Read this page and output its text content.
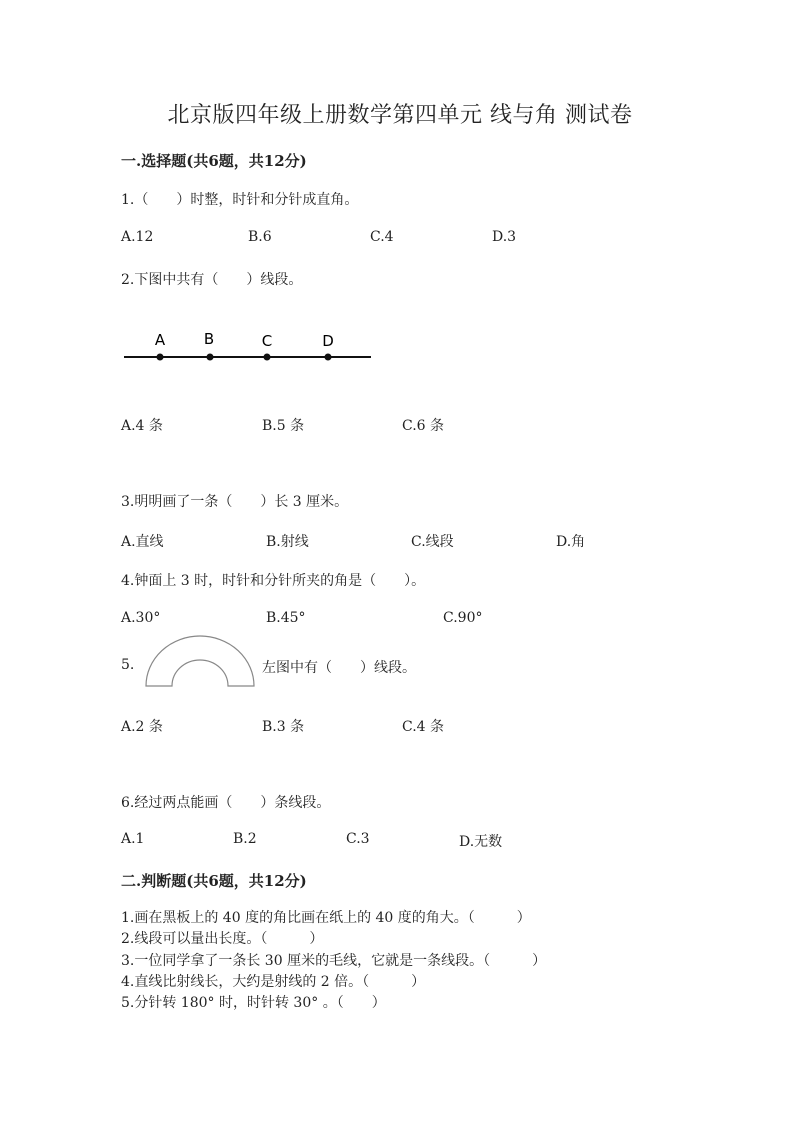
北京版四年级上册数学第四单元 线与角 测试卷
一.选择题(共6题，共12分)
1.（　　）时整，时针和分针成直角。
A.12	B.6	C.4	D.3
2.下图中共有（　　）线段。
A	B	C	D
A.4 条	B.5 条	C.6 条
3.明明画了一条（　　）长 3 厘米。
A.直线	B.射线	C.线段	D.角
4.钟面上 3 时，时针和分针所夹的角是（　　）。
A.30°	B.45°	C.90°
5.	左图中有（　　）线段。
A.2 条	B.3 条	C.4 条
6.经过两点能画（　　）条线段。
A.1	B.2	C.3	D.无数
二.判断题(共6题，共12分)
1.画在黑板上的 40 度的角比画在纸上的 40 度的角大。（　　　）
2.线段可以量出长度。（　　　）
3.一位同学拿了一条长 30 厘米的毛线，它就是一条线段。（　　　）
4.直线比射线长，大约是射线的 2 倍。（　　　）
5.分针转 180° 时，时针转 30° 。（　　）
